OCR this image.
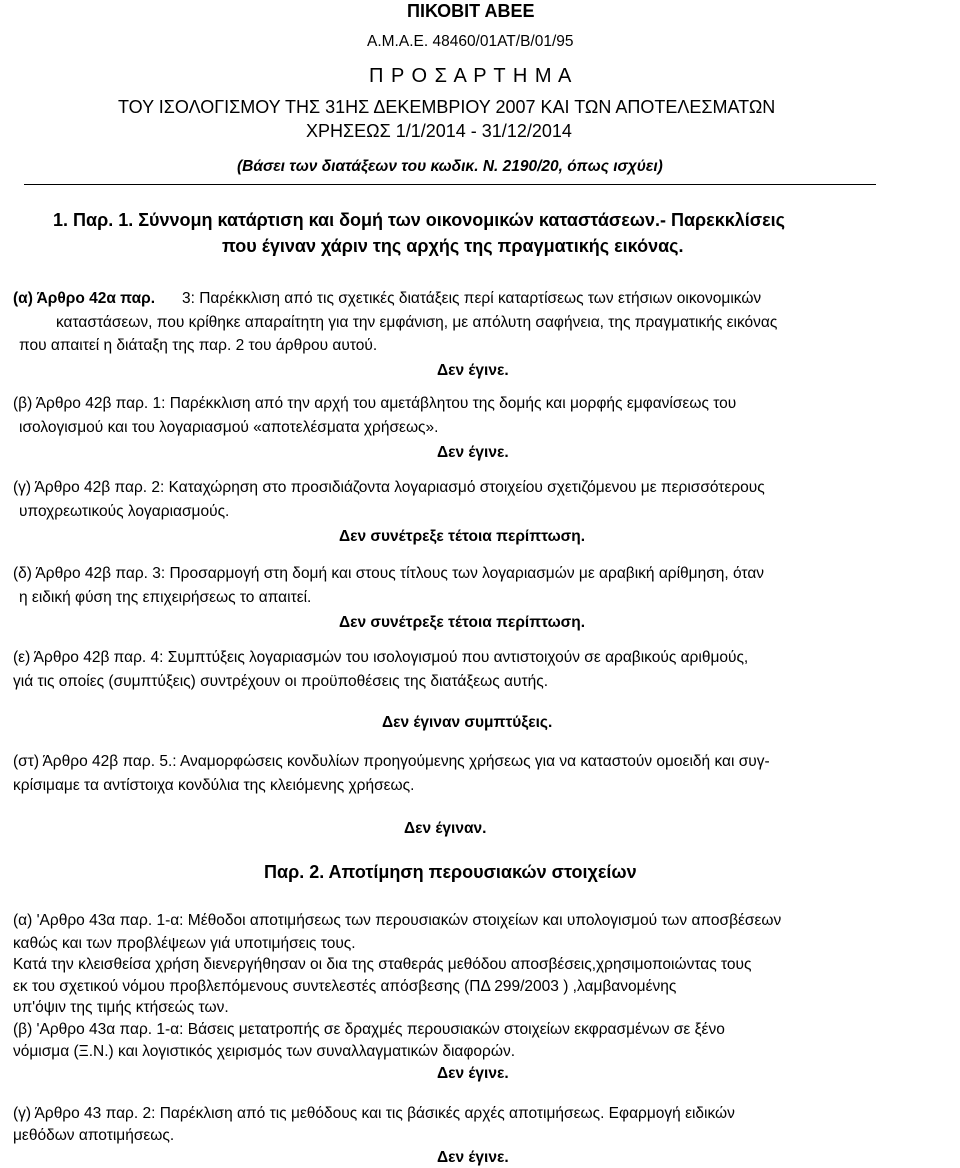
ΠΙΚΟΒΙΤ ΑΒΕΕ
Α.Μ.Α.Ε. 48460/01ΑΤ/Β/01/95
Π Ρ Ο Σ Α Ρ Τ Η Μ Α
ΤΟΥ ΙΣΟΛΟΓΙΣΜΟΥ ΤΗΣ 31ΗΣ ΔΕΚΕΜΒΡΙΟΥ 2007 ΚΑΙ ΤΩΝ ΑΠΟΤΕΛΕΣΜΑΤΩΝ
ΧΡΗΣΕΩΣ 1/1/2014 - 31/12/2014
(Βάσει των διατάξεων του κωδικ. Ν. 2190/20, όπως ισχύει)
1. Παρ. 1. Σύννομη κατάρτιση και δομή των οικονομικών καταστάσεων.- Παρεκκλίσεις
που έγιναν χάριν της αρχής της πραγματικής εικόνας.
(α) Άρθρο 42α παρ. 3: Παρέκκλιση από τις σχετικές διατάξεις περί καταρτίσεως των ετήσιων οικονομικών
καταστάσεων, που κρίθηκε απαραίτητη για την εμφάνιση, με απόλυτη σαφήνεια, της πραγματικής εικόνας
που απαιτεί η διάταξη της παρ. 2 του άρθρου αυτού.
Δεν έγινε.
(β) Άρθρο 42β παρ. 1: Παρέκκλιση από την αρχή του αμετάβλητου της δομής και μορφής εμφανίσεως του
ισολογισμού και του λογαριασμού «αποτελέσματα χρήσεως».
Δεν έγινε.
(γ) Άρθρο 42β παρ. 2: Καταχώρηση στο προσιδιάζοντα λογαριασμό στοιχείου σχετιζόμενου με περισσότερους
υποχρεωτικούς λογαριασμούς.
Δεν συνέτρεξε τέτοια περίπτωση.
(δ) Άρθρο 42β παρ. 3: Προσαρμογή στη δομή και στους τίτλους των λογαριασμών με αραβική αρίθμηση, όταν
η ειδική φύση της επιχειρήσεως το απαιτεί.
Δεν συνέτρεξε τέτοια περίπτωση.
(ε) Άρθρο 42β παρ. 4: Συμπτύξεις λογαριασμών του ισολογισμού που αντιστοιχούν σε αραβικούς αριθμούς,
γιά τις οποίες (συμπτύξεις) συντρέχουν οι προϋποθέσεις της διατάξεως αυτής.
Δεν έγιναν συμπτύξεις.
(στ) Άρθρο 42β παρ. 5.: Αναμορφώσεις κονδυλίων προηγούμενης χρήσεως για να καταστούν ομοειδή και συγ-
κρίσιμαμε τα αντίστοιχα κονδύλια της κλειόμενης χρήσεως.
Δεν έγιναν.
Παρ. 2. Αποτίμηση περουσιακών στοιχείων
(α) 'Αρθρο 43α παρ. 1-α: Μέθοδοι αποτιμήσεως των περουσιακών στοιχείων και υπολογισμού των αποσβέσεων
καθώς και των προβλέψεων γιά υποτιμήσεις τους.
Κατά την κλεισθείσα χρήση διενεργήθησαν οι δια της σταθεράς μεθόδου αποσβέσεις,χρησιμοποιώντας τους
εκ του σχετικού νόμου προβλεπόμενους συντελεστές απόσβεσης (ΠΔ 299/2003 ) ,λαμβανομένης
υπ'όψιν της τιμής κτήσεώς των.
(β) 'Αρθρο 43α παρ. 1-α: Βάσεις μετατροπής σε δραχμές περουσιακών στοιχείων εκφρασμένων σε ξένο
νόμισμα (Ξ.Ν.) και λογιστικός χειρισμός των συναλλαγματικών διαφορών.
Δεν έγινε.
(γ) Άρθρο 43 παρ. 2: Παρέκλιση από τις μεθόδους και τις βάσικές αρχές αποτιμήσεως. Εφαρμογή ειδικών
μεθόδων αποτιμήσεως.
Δεν έγινε.
